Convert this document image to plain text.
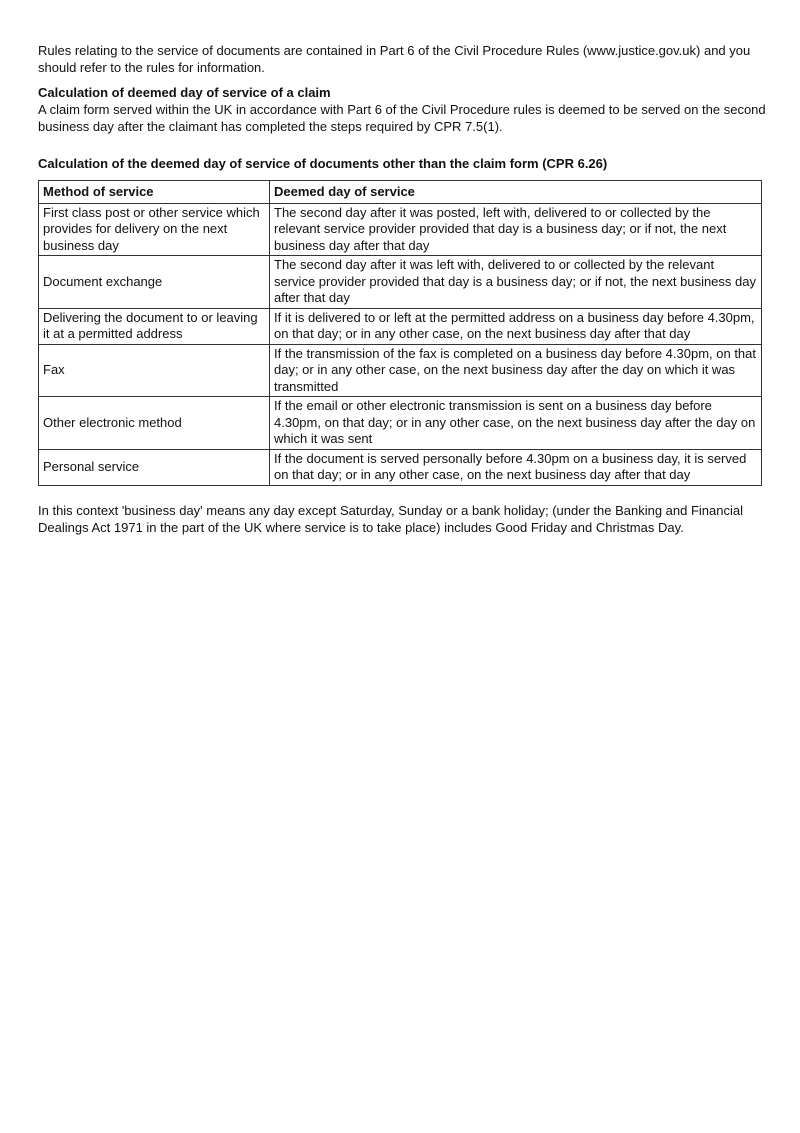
Rules relating to the service of documents are contained in Part 6 of the Civil Procedure Rules (www.justice.gov.uk) and you should refer to the rules for information.

Calculation of deemed day of service of a claim

A claim form served within the UK in accordance with Part 6 of the Civil Procedure rules is deemed to be served on the second business day after the claimant has completed the steps required by CPR 7.5(1).

Calculation of the deemed day of service of documents other than the claim form (CPR 6.26)

Method of service	Deemed day of service
First class post or other service which provides for delivery on the next business day	The second day after it was posted, left with, delivered to or collected by the relevant service provider provided that day is a business day; or if not, the next business day after that day
Document exchange	The second day after it was left with, delivered to or collected by the relevant service provider provided that day is a business day; or if not, the next business day after that day
Delivering the document to or leaving it at a permitted address	If it is delivered to or left at the permitted address on a business day before 4.30pm, on that day; or in any other case, on the next business day after that day
Fax	If the transmission of the fax is completed on a business day before 4.30pm, on that day; or in any other case, on the next business day after the day on which it was transmitted
Other electronic method	If the email or other electronic transmission is sent on a business day before 4.30pm, on that day; or in any other case, on the next business day after the day on which it was sent
Personal service	If the document is served personally before 4.30pm on a business day, it is served on that day; or in any other case, on the next business day after that day

In this context 'business day' means any day except Saturday, Sunday or a bank holiday; (under the Banking and Financial Dealings Act 1971 in the part of the UK where service is to take place) includes Good Friday and Christmas Day.
